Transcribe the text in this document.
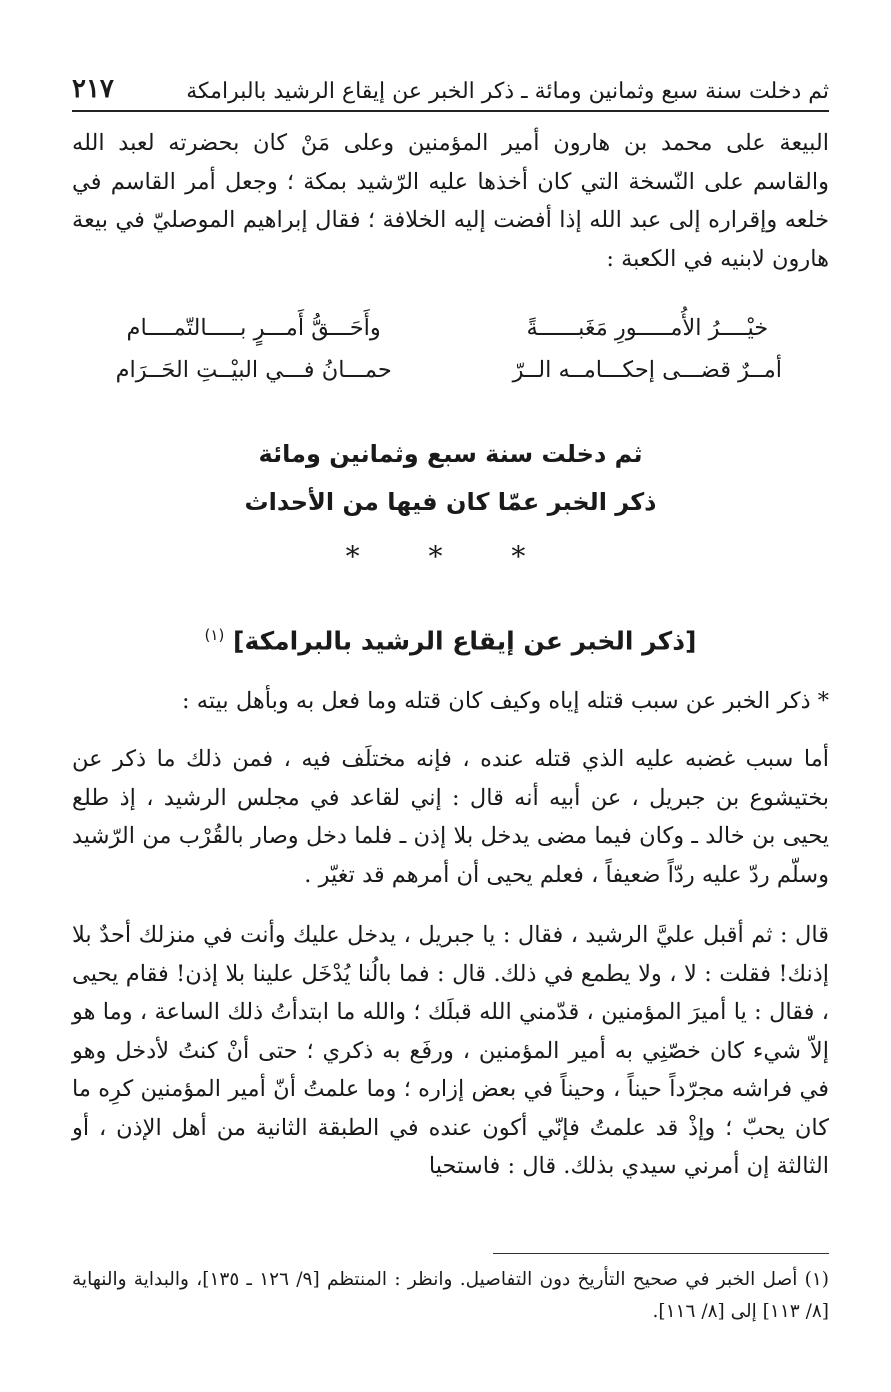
ثم دخلت سنة سبع وثمانين ومائة ـ ذكر الخبر عن إيقاع الرشيد بالبرامكة
٢١٧

البيعة على محمد بن هارون أمير المؤمنين وعلى مَنْ كان بحضرته لعبد الله والقاسم على النّسخة التي كان أخذها عليه الرّشيد بمكة ؛ وجعل أمر القاسم في خلعه وإقراره إلى عبد الله إذا أفضت إليه الخلافة ؛ فقال إبراهيم الموصليّ في بيعة هارون لابنيه في الكعبة :

خيْــــرُ الأُمـــــورِ مَغَبــــــةً
وأَحَـــقُّ أَمـــرٍ بـــــالتّمــــام
أمــرٌ قضـــى إحكـــامــه الــرّ
حمـــانُ فـــي البيْــتِ الحَــرَام
ثم دخلت سنة سبع وثمانين ومائة
ذكر الخبر عمّا كان فيها من الأحداث
* * *
[ذكر الخبر عن إيقاع الرشيد بالبرامكة] $^{(١)}$

* ذكر الخبر عن سبب قتله إياه وكيف كان قتله وما فعل به وبأهل بيته :

أما سبب غضبه عليه الذي قتله عنده ، فإنه مختلَف فيه ، فمن ذلك ما ذكر عن بختيشوع بن جبريل ، عن أبيه أنه قال : إني لقاعد في مجلس الرشيد ، إذ طلع يحيى بن خالد ـ وكان فيما مضى يدخل بلا إذن ـ فلما دخل وصار بالقُرْب من الرّشيد وسلّم ردّ عليه ردّاً ضعيفاً ، فعلم يحيى أن أمرهم قد تغيّر .

قال : ثم أقبل عليَّ الرشيد ، فقال : يا جبريل ، يدخل عليك وأنت في منزلك أحدٌ بلا إذنك! فقلت : لا ، ولا يطمع في ذلك. قال : فما بالُنا يُدْخَل علينا بلا إذن! فقام يحيى ، فقال : يا أميرَ المؤمنين ، قدّمني الله قبلَك ؛ والله ما ابتدأتُ ذلك الساعة ، وما هو إلاّ شيء كان خصّنِي به أمير المؤمنين ، ورفَع به ذكري ؛ حتى أنْ كنتُ لأدخل وهو في فراشه مجرّداً حيناً ، وحيناً في بعض إزاره ؛ وما علمتُ أنّ أمير المؤمنين كرِه ما كان يحبّ ؛ وإذْ قد علمتُ فإنّي أكون عنده في الطبقة الثانية من أهل الإذن ، أو الثالثة إن أمرني سيدي بذلك. قال : فاستحيا

(١) أصل الخبر في صحيح التأريخ دون التفاصيل. وانظر : المنتظم [٩/ ١٢٦ ـ ١٣٥]، والبداية والنهاية [٨/ ١١٣] إلى [٨/ ١١٦].
